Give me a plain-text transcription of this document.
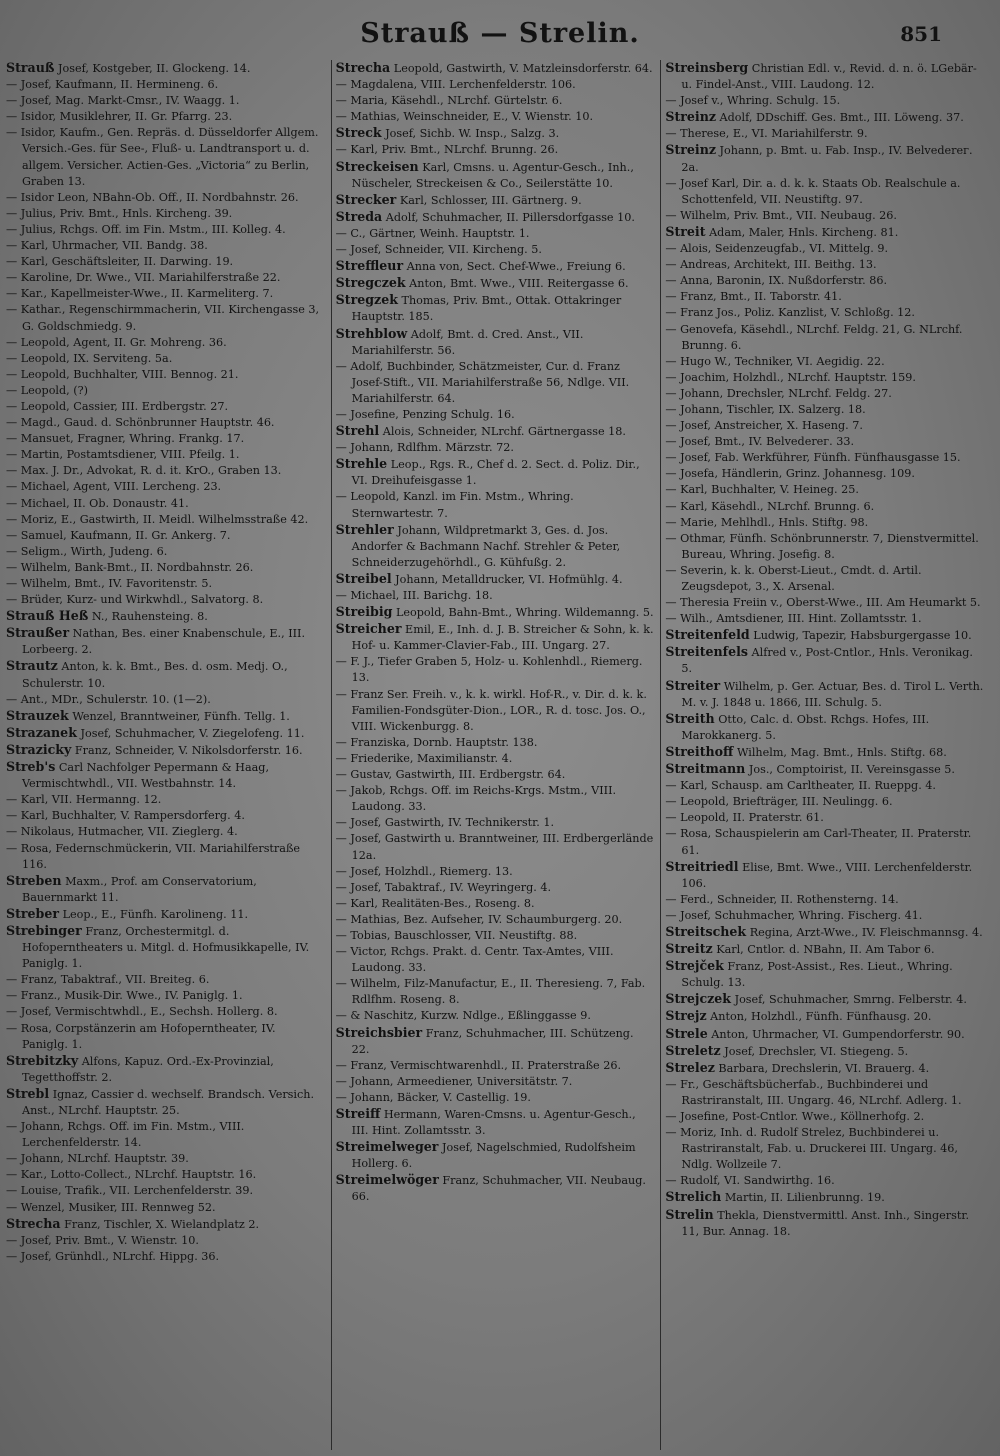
Strauß — Strelin.	851
Strauß Josef, Kostgeber, II. Glockeng. 14.
— Josef, Kaufmann, II. Hermineng. 6.
— Josef, Mag. Markt-Cmsr., IV. Waagg. 1.
— Isidor, Musiklehrer, II. Gr. Pfarrg. 23.
— Isidor, Kaufm., Gen. Repräs. d. Düsseldorfer Allgem. Versich.-Ges. für See-, Fluß- u. Landtransport u. d. allgem. Versicher. Actien-Ges. „Victoria“ zu Berlin, Graben 13.
— Isidor Leon, NBahn-Ob. Off., II. Nordbahnstr. 26.
— Julius, Priv. Bmt., Hnls. Kircheng. 39.
— Julius, Rchgs. Off. im Fin. Mstm., III. Kolleg. 4.
— Karl, Uhrmacher, VII. Bandg. 38.
— Karl, Geschäftsleiter, II. Darwing. 19.
— Karoline, Dr. Wwe., VII. Mariahilferstraße 22.
— Kar., Kapellmeister-Wwe., II. Karmeliterg. 7.
— Kathar., Regenschirmmacherin, VII. Kirchengasse 3, G. Goldschmiedg. 9.
— Leopold, Agent, II. Gr. Mohreng. 36.
— Leopold, IX. Serviteng. 5a.
— Leopold, Buchhalter, VIII. Bennog. 21.
— Leopold, (?)
— Leopold, Cassier, III. Erdbergstr. 27.
— Magd., Gaud. d. Schönbrunner Hauptstr. 46.
— Mansuet, Fragner, Whring. Frankg. 17.
— Martin, Postamtsdiener, VIII. Pfeilg. 1.
— Max. J. Dr., Advokat, R. d. it. KrO., Graben 13.
— Michael, Agent, VIII. Lercheng. 23.
— Michael, II. Ob. Donaustr. 41.
— Moriz, E., Gastwirth, II. Meidl. Wilhelmsstraße 42.
— Samuel, Kaufmann, II. Gr. Ankerg. 7.
— Seligm., Wirth, Judeng. 6.
— Wilhelm, Bank-Bmt., II. Nordbahnstr. 26.
— Wilhelm, Bmt., IV. Favoritenstr. 5.
— Brüder, Kurz- und Wirkwhdl., Salvatorg. 8.
Strauß Heß N., Rauhensteing. 8.
Straußer Nathan, Bes. einer Knabenschule, E., III. Lorbeerg. 2.
Strautz Anton, k. k. Bmt., Bes. d. osm. Medj. O., Schulerstr. 10.
— Ant., MDr., Schulerstr. 10. (1—2).
Strauzek Wenzel, Branntweiner, Fünfh. Tellg. 1.
Strazanek Josef, Schuhmacher, V. Ziegelofeng. 11.
Strazicky Franz, Schneider, V. Nikolsdorferstr. 16.
Streb's Carl Nachfolger Pepermann & Haag, Vermischtwhdl., VII. Westbahnstr. 14.
— Karl, VII. Hermanng. 12.
— Karl, Buchhalter, V. Rampersdorferg. 4.
— Nikolaus, Hutmacher, VII. Zieglerg. 4.
— Rosa, Federnschmückerin, VII. Mariahilferstraße 116.
Streben Maxm., Prof. am Conservatorium, Bauernmarkt 11.
Streber Leop., E., Fünfh. Karolineng. 11.
Strebinger Franz, Orchestermitgl. d. Hofoperntheaters u. Mitgl. d. Hofmusikkapelle, IV. Paniglg. 1.
— Franz, Tabaktraf., VII. Breiteg. 6.
— Franz., Musik-Dir. Wwe., IV. Paniglg. 1.
— Josef, Vermischtwhdl., E., Sechsh. Hollerg. 8.
— Rosa, Corpstänzerin am Hofoperntheater, IV. Paniglg. 1.
Strebitzky Alfons, Kapuz. Ord.-Ex-Provinzial, Tegetthoffstr. 2.
Strebl Ignaz, Cassier d. wechself. Brandsch. Versich. Anst., NLrchf. Hauptstr. 25.
— Johann, Rchgs. Off. im Fin. Mstm., VIII. Lerchenfelderstr. 14.
— Johann, NLrchf. Hauptstr. 39.
— Kar., Lotto-Collect., NLrchf. Hauptstr. 16.
— Louise, Trafik., VII. Lerchenfelderstr. 39.
— Wenzel, Musiker, III. Rennweg 52.
Strecha Franz, Tischler, X. Wielandplatz 2.
— Josef, Priv. Bmt., V. Wienstr. 10.
— Josef, Grünhdl., NLrchf. Hippg. 36.
Strecha Leopold, Gastwirth, V. Matzleinsdorferstr. 64.
— Magdalena, VIII. Lerchenfelderstr. 106.
— Maria, Käsehdl., NLrchf. Gürtelstr. 6.
— Mathias, Weinschneider, E., V. Wienstr. 10.
Streck Josef, Sichb. W. Insp., Salzg. 3.
— Karl, Priv. Bmt., NLrchf. Brunng. 26.
Streckeisen Karl, Cmsns. u. Agentur-Gesch., Inh., Nüscheler, Streckeisen & Co., Seilerstätte 10.
Strecker Karl, Schlosser, III. Gärtnerg. 9.
Streda Adolf, Schuhmacher, II. Pillersdorfgasse 10.
— C., Gärtner, Weinh. Hauptstr. 1.
— Josef, Schneider, VII. Kircheng. 5.
Streffleur Anna von, Sect. Chef-Wwe., Freiung 6.
Stregczek Anton, Bmt. Wwe., VIII. Reitergasse 6.
Stregzek Thomas, Priv. Bmt., Ottak. Ottakringer Hauptstr. 185.
Strehblow Adolf, Bmt. d. Cred. Anst., VII. Mariahilferstr. 56.
— Adolf, Buchbinder, Schätzmeister, Cur. d. Franz Josef-Stift., VII. Mariahilferstraße 56, Ndlge. VII. Mariahilferstr. 64.
— Josefine, Penzing Schulg. 16.
Strehl Alois, Schneider, NLrchf. Gärtnergasse 18.
— Johann, Rdlfhm. Märzstr. 72.
Strehle Leop., Rgs. R., Chef d. 2. Sect. d. Poliz. Dir., VI. Dreihufeisgasse 1.
— Leopold, Kanzl. im Fin. Mstm., Whring. Sternwartestr. 7.
Strehler Johann, Wildpretmarkt 3, Ges. d. Jos. Andorfer & Bachmann Nachf. Strehler & Peter, Schneiderzugehörhdl., G. Kühfußg. 2.
Streibel Johann, Metalldrucker, VI. Hofmühlg. 4.
— Michael, III. Barichg. 18.
Streibig Leopold, Bahn-Bmt., Whring. Wildemanng. 5.
Streicher Emil, E., Inh. d. J. B. Streicher & Sohn, k. k. Hof- u. Kammer-Clavier-Fab., III. Ungarg. 27.
— F. J., Tiefer Graben 5, Holz- u. Kohlenhdl., Riemerg. 13.
— Franz Ser. Freih. v., k. k. wirkl. Hof-R., v. Dir. d. k. k. Familien-Fondsgüter-Dion., LOR., R. d. tosc. Jos. O., VIII. Wickenburgg. 8.
— Franziska, Dornb. Hauptstr. 138.
— Friederike, Maximilianstr. 4.
— Gustav, Gastwirth, III. Erdbergstr. 64.
— Jakob, Rchgs. Off. im Reichs-Krgs. Mstm., VIII. Laudong. 33.
— Josef, Gastwirth, IV. Technikerstr. 1.
— Josef, Gastwirth u. Branntweiner, III. Erdbergerlände 12a.
— Josef, Holzhdl., Riemerg. 13.
— Josef, Tabaktraf., IV. Weyringerg. 4.
— Karl, Realitäten-Bes., Roseng. 8.
— Mathias, Bez. Aufseher, IV. Schaumburgerg. 20.
— Tobias, Bauschlosser, VII. Neustiftg. 88.
— Victor, Rchgs. Prakt. d. Centr. Tax-Amtes, VIII. Laudong. 33.
— Wilhelm, Filz-Manufactur, E., II. Theresieng. 7, Fab. Rdlfhm. Roseng. 8.
— & Naschitz, Kurzw. Ndlge., Eßlinggasse 9.
Streichsbier Franz, Schuhmacher, III. Schützeng. 22.
— Franz, Vermischtwarenhdl., II. Praterstraße 26.
— Johann, Armeediener, Universitätstr. 7.
— Johann, Bäcker, V. Castellig. 19.
Streiff Hermann, Waren-Cmsns. u. Agentur-Gesch., III. Hint. Zollamtsstr. 3.
Streimelweger Josef, Nagelschmied, Rudolfsheim Hollerg. 6.
Streimelwöger Franz, Schuhmacher, VII. Neubaug. 66.
Streinsberg Christian Edl. v., Revid. d. n. ö. LGebär- u. Findel-Anst., VIII. Laudong. 12.
— Josef v., Whring. Schulg. 15.
Streinz Adolf, DDschiff. Ges. Bmt., III. Löweng. 37.
— Therese, E., VI. Mariahilferstr. 9.
Streinz Johann, p. Bmt. u. Fab. Insp., IV. Belvederег. 2a.
— Josef Karl, Dir. a. d. k. k. Staats Ob. Realschule a. Schottenfeld, VII. Neustiftg. 97.
— Wilhelm, Priv. Bmt., VII. Neubaug. 26.
Streit Adam, Maler, Hnls. Kircheng. 81.
— Alois, Seidenzeugfab., VI. Mittelg. 9.
— Andreas, Architekt, III. Beithg. 13.
— Anna, Baronin, IX. Nußdorferstr. 86.
— Franz, Bmt., II. Taborstr. 41.
— Franz Jos., Poliz. Kanzlist, V. Schloßg. 12.
— Genovefa, Käsehdl., NLrchf. Feldg. 21, G. NLrchf. Brunng. 6.
— Hugo W., Techniker, VI. Aegidig. 22.
— Joachim, Holzhdl., NLrchf. Hauptstr. 159.
— Johann, Drechsler, NLrchf. Feldg. 27.
— Johann, Tischler, IX. Salzerg. 18.
— Josef, Anstreicher, X. Haseng. 7.
— Josef, Bmt., IV. Belvederег. 33.
— Josef, Fab. Werkführer, Fünfh. Fünfhausgasse 15.
— Josefa, Händlerin, Grinz. Johannesg. 109.
— Karl, Buchhalter, V. Heineg. 25.
— Karl, Käsehdl., NLrchf. Brunng. 6.
— Marie, Mehlhdl., Hnls. Stiftg. 98.
— Othmar, Fünfh. Schönbrunnerstr. 7, Dienstvermittel. Bureau, Whring. Josefig. 8.
— Severin, k. k. Oberst-Lieut., Cmdt. d. Artil. Zeugsdepot, 3., X. Arsenal.
— Theresia Freiin v., Oberst-Wwe., III. Am Heumarkt 5.
— Wilh., Amtsdiener, III. Hint. Zollamtsstr. 1.
Streitenfeld Ludwig, Tapezir, Habsburgergasse 10.
Streitenfels Alfred v., Post-Cntlor., Hnls. Veronikag. 5.
Streiter Wilhelm, p. Ger. Actuar, Bes. d. Tirol L. Verth. M. v. J. 1848 u. 1866, III. Schulg. 5.
Streith Otto, Calc. d. Obst. Rchgs. Hofes, III. Marokkanerg. 5.
Streithoff Wilhelm, Mag. Bmt., Hnls. Stiftg. 68.
Streitmann Jos., Comptoirist, II. Vereinsgasse 5.
— Karl, Schausp. am Carltheater, II. Rueppg. 4.
— Leopold, Briefträger, III. Neulingg. 6.
— Leopold, II. Praterstr. 61.
— Rosa, Schauspielerin am Carl-Theater, II. Praterstr. 61.
Streitriedl Elise, Bmt. Wwe., VIII. Lerchenfelderstr. 106.
— Ferd., Schneider, II. Rothensterng. 14.
— Josef, Schuhmacher, Whring. Fischerg. 41.
Streitschek Regina, Arzt-Wwe., IV. Fleischmannsg. 4.
Streitz Karl, Cntlor. d. NBahn, II. Am Tabor 6.
Strejček Franz, Post-Assist., Res. Lieut., Whring. Schulg. 13.
Strejczek Josef, Schuhmacher, Smrng. Felberstr. 4.
Strejz Anton, Holzhdl., Fünfh. Fünfhausg. 20.
Strele Anton, Uhrmacher, VI. Gumpendorferstr. 90.
Streletz Josef, Drechsler, VI. Stiegeng. 5.
Strelez Barbara, Drechslerin, VI. Brauerg. 4.
— Fr., Geschäftsbücherfab., Buchbinderei und Rastriranstalt, III. Ungarg. 46, NLrchf. Adlerg. 1.
— Josefine, Post-Cntlor. Wwe., Köllnerhofg. 2.
— Moriz, Inh. d. Rudolf Strelez, Buchbinderei u. Rastriranstalt, Fab. u. Druckerei III. Ungarg. 46, Ndlg. Wollzeile 7.
— Rudolf, VI. Sandwirthg. 16.
Strelich Martin, II. Lilienbrunng. 19.
Strelin Thekla, Dienstvermittl. Anst. Inh., Singerstr. 11, Bur. Annag. 18.
